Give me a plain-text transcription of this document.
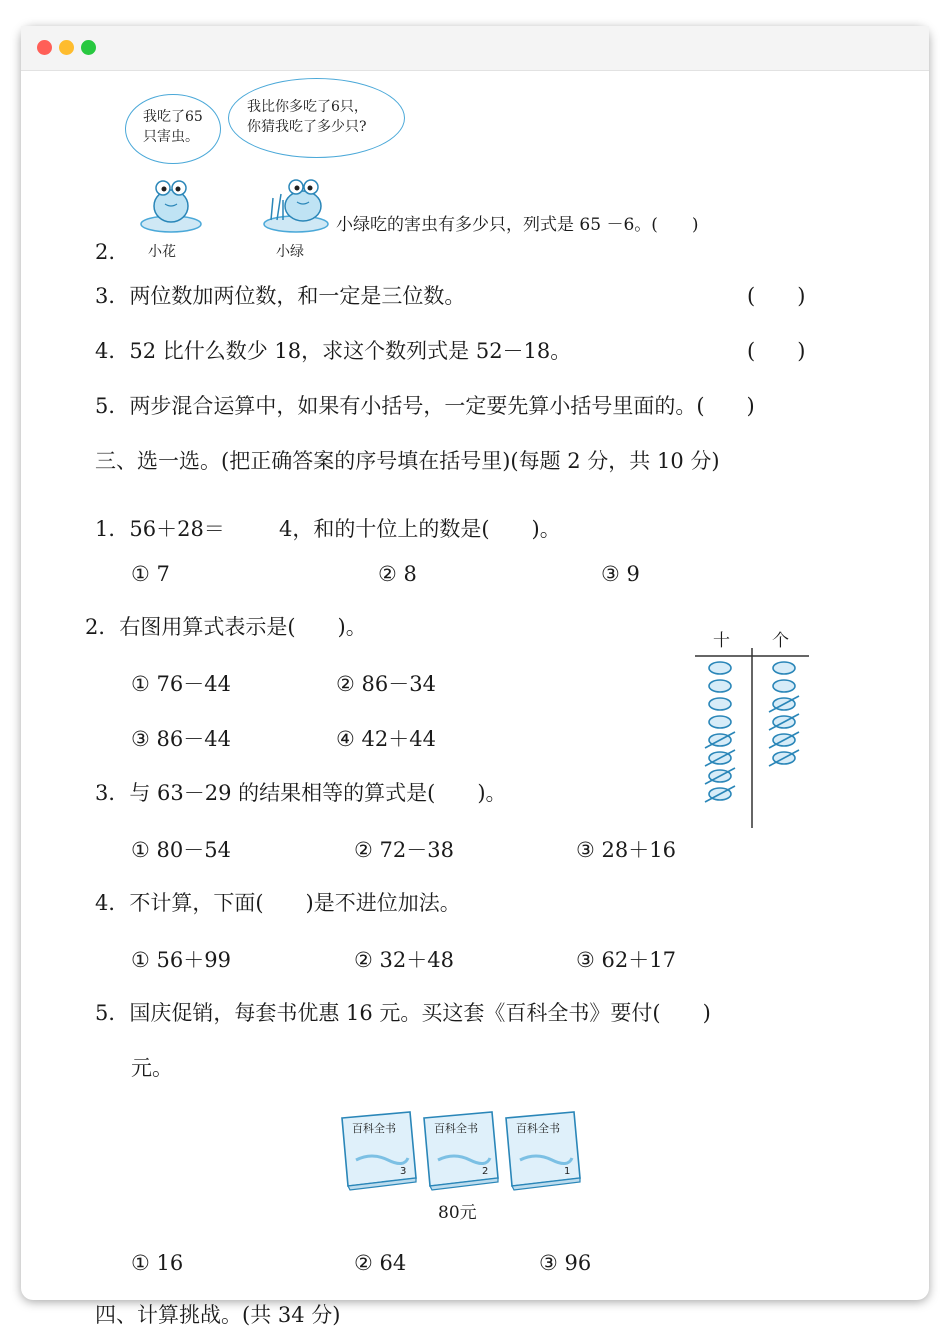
我吃了65
只害虫。
我比你多吃了6只，
你猜我吃了多少只?
小花	小绿
2.
小绿吃的害虫有多少只，列式是 65 －6。(　　)
3．两位数加两位数，和一定是三位数。	(　　)
4．52 比什么数少 18，求这个数列式是 52－18。	(　　)
5．两步混合运算中，如果有小括号，一定要先算小括号里面的。(　　)
三、选一选。(把正确答案的序号填在括号里)(每题 2 分，共 10 分)
1．56＋28＝	4，和的十位上的数是(　　)。
① 7	② 8	③ 9
2．右图用算式表示是(　　)。
① 76－44	② 86－34
③ 86－44	④ 42＋44
十 个
3．与 63－29 的结果相等的算式是(　　)。
① 80－54	② 72－38	③ 28＋16
4．不计算，下面(　　)是不进位加法。
① 56＋99	② 32＋48	③ 62＋17
5．国庆促销，每套书优惠 16 元。买这套《百科全书》要付(　　)
元。
百科全书
3
百科全书
2
百科全书
1
80元
① 16	② 64	③ 96
四、计算挑战。(共 34 分)
